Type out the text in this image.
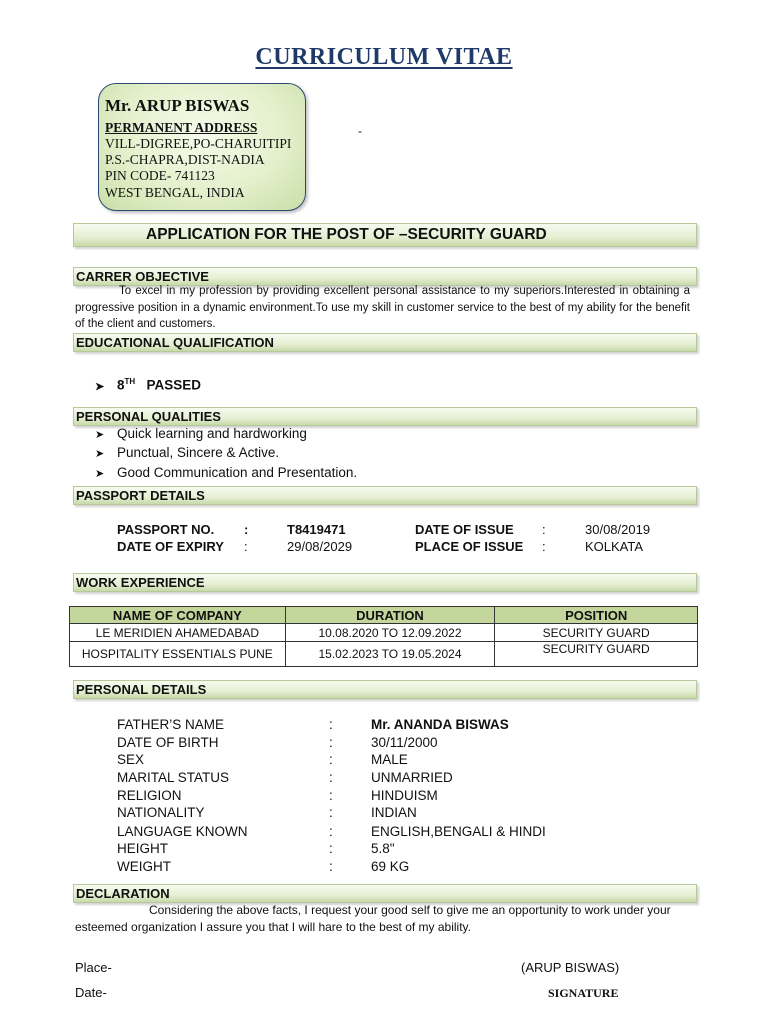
CURRICULUM VITAE
Mr. ARUP BISWAS
PERMANENT ADDRESS
VILL-DIGREE,PO-CHARUITIPI
P.S.-CHAPRA,DIST-NADIA
PIN CODE- 741123
WEST BENGAL, INDIA
-
APPLICATION FOR THE POST OF –SECURITY GUARD
CARRER OBJECTIVE
To excel in my profession by providing excellent personal assistance to my superiors.Interested in obtaining a progressive position in a dynamic environment.To use my skill in customer service to the best of my ability for the benefit of the client and customers.
EDUCATIONAL QUALIFICATION
➤ 8TH PASSED
PERSONAL QUALITIES
➤ Quick learning and hardworking
➤ Punctual, Sincere & Active.
➤ Good Communication and Presentation.
PASSPORT DETAILS
PASSPORT NO. :	T8419471	DATE OF ISSUE :	30/08/2019
DATE OF EXPIRY :	29/08/2029	PLACE OF ISSUE :	KOLKATA
WORK EXPERIENCE
NAME OF COMPANY	DURATION	POSITION
LE MERIDIEN AHAMEDABAD	10.08.2020 TO 12.09.2022	SECURITY GUARD
HOSPITALITY ESSENTIALS PUNE	15.02.2023 TO 19.05.2024	SECURITY GUARD
PERSONAL DETAILS
FATHER’S NAME	:	Mr. ANANDA BISWAS
DATE OF BIRTH	:	30/11/2000
SEX	:	MALE
MARITAL STATUS	:	UNMARRIED
RELIGION	:	HINDUISM
NATIONALITY	:	INDIAN
LANGUAGE KNOWN	:	ENGLISH,BENGALI & HINDI
HEIGHT	:	5.8"
WEIGHT	:	69 KG
DECLARATION
Considering the above facts, I request your good self to give me an opportunity to work under your esteemed organization I assure you that I will hare to the best of my ability.
Place-
Date-
(ARUP BISWAS)
SIGNATURE
